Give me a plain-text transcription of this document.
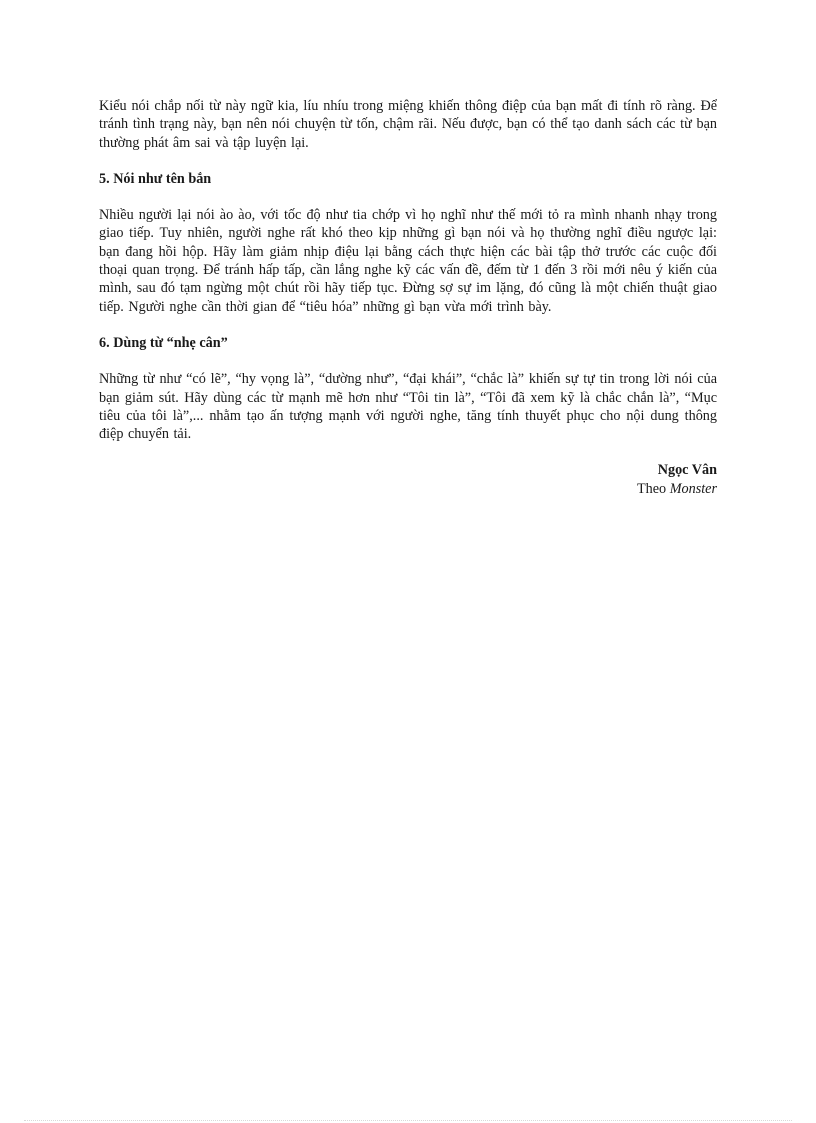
Kiểu nói chắp nối từ này ngữ kia, líu nhíu trong miệng khiến thông điệp của bạn mất đi tính rõ ràng. Để tránh tình trạng này, bạn nên nói chuyện từ tốn, chậm rãi. Nếu được, bạn có thể tạo danh sách các từ bạn thường phát âm sai và tập luyện lại.

5. Nói như tên bắn

Nhiều người lại nói ào ào, với tốc độ như tia chớp vì họ nghĩ như thế mới tỏ ra mình nhanh nhạy trong giao tiếp. Tuy nhiên, người nghe rất khó theo kịp những gì bạn nói và họ thường nghĩ điều ngược lại: bạn đang hồi hộp. Hãy làm giảm nhịp điệu lại bằng cách thực hiện các bài tập thở trước các cuộc đối thoại quan trọng. Để tránh hấp tấp, cần lắng nghe kỹ các vấn đề, đếm từ 1 đến 3 rồi mới nêu ý kiến của mình, sau đó tạm ngừng một chút rồi hãy tiếp tục. Đừng sợ sự im lặng, đó cũng là một chiến thuật giao tiếp. Người nghe cần thời gian để “tiêu hóa” những gì bạn vừa mới trình bày.

6. Dùng từ “nhẹ cân”

Những từ như “có lẽ”, “hy vọng là”, “dường như”, “đại khái”, “chắc là” khiến sự tự tin trong lời nói của bạn giảm sút. Hãy dùng các từ mạnh mẽ hơn như “Tôi tin là”, “Tôi đã xem kỹ là chắc chắn là”, “Mục tiêu của tôi là”,... nhằm tạo ấn tượng mạnh với người nghe, tăng tính thuyết phục cho nội dung thông điệp chuyển tải.

Ngọc Vân
Theo Monster
